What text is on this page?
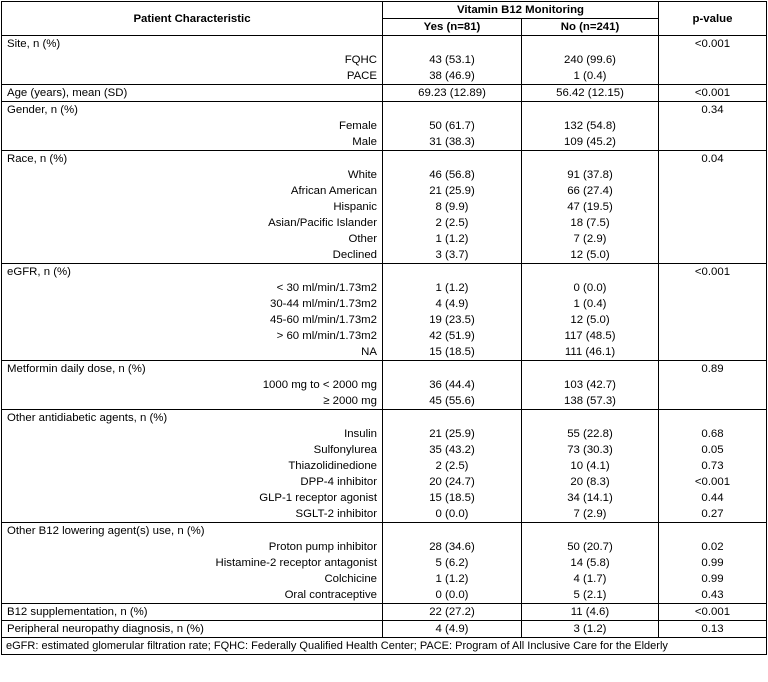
Patient Characteristic	Vitamin B12 Monitoring		p-value
	Yes (n=81)	No (n=241)	
Site, n (%)			<0.001
FQHC	43 (53.1)	240 (99.6)	
PACE	38 (46.9)	1 (0.4)	
Age (years), mean (SD)	69.23 (12.89)	56.42 (12.15)	<0.001
Gender, n (%)			0.34
Female	50 (61.7)	132 (54.8)	
Male	31 (38.3)	109 (45.2)	
Race, n (%)			0.04
White	46 (56.8)	91 (37.8)	
African American	21 (25.9)	66 (27.4)	
Hispanic	8 (9.9)	47 (19.5)	
Asian/Pacific Islander	2 (2.5)	18 (7.5)	
Other	1 (1.2)	7 (2.9)	
Declined	3 (3.7)	12 (5.0)	
eGFR, n (%)			<0.001
< 30 ml/min/1.73m2	1 (1.2)	0 (0.0)	
30-44 ml/min/1.73m2	4 (4.9)	1 (0.4)	
45-60 ml/min/1.73m2	19 (23.5)	12 (5.0)	
> 60 ml/min/1.73m2	42 (51.9)	117 (48.5)	
NA	15 (18.5)	111 (46.1)	
Metformin daily dose, n (%)			0.89
1000 mg to < 2000 mg	36 (44.4)	103 (42.7)	
≥ 2000 mg	45 (55.6)	138 (57.3)	
Other antidiabetic agents, n (%)			
Insulin	21 (25.9)	55 (22.8)	0.68
Sulfonylurea	35 (43.2)	73 (30.3)	0.05
Thiazolidinedione	2 (2.5)	10 (4.1)	0.73
DPP-4 inhibitor	20 (24.7)	20 (8.3)	<0.001
GLP-1 receptor agonist	15 (18.5)	34 (14.1)	0.44
SGLT-2 inhibitor	0 (0.0)	7 (2.9)	0.27
Other B12 lowering agent(s) use, n (%)			
Proton pump inhibitor	28 (34.6)	50 (20.7)	0.02
Histamine-2 receptor antagonist	5 (6.2)	14 (5.8)	0.99
Colchicine	1 (1.2)	4 (1.7)	0.99
Oral contraceptive	0 (0.0)	5 (2.1)	0.43
B12 supplementation, n (%)	22 (27.2)	11 (4.6)	<0.001
Peripheral neuropathy diagnosis, n (%)	4 (4.9)	3 (1.2)	0.13
eGFR: estimated glomerular filtration rate; FQHC: Federally Qualified Health Center; PACE: Program of All Inclusive Care for the Elderly			
